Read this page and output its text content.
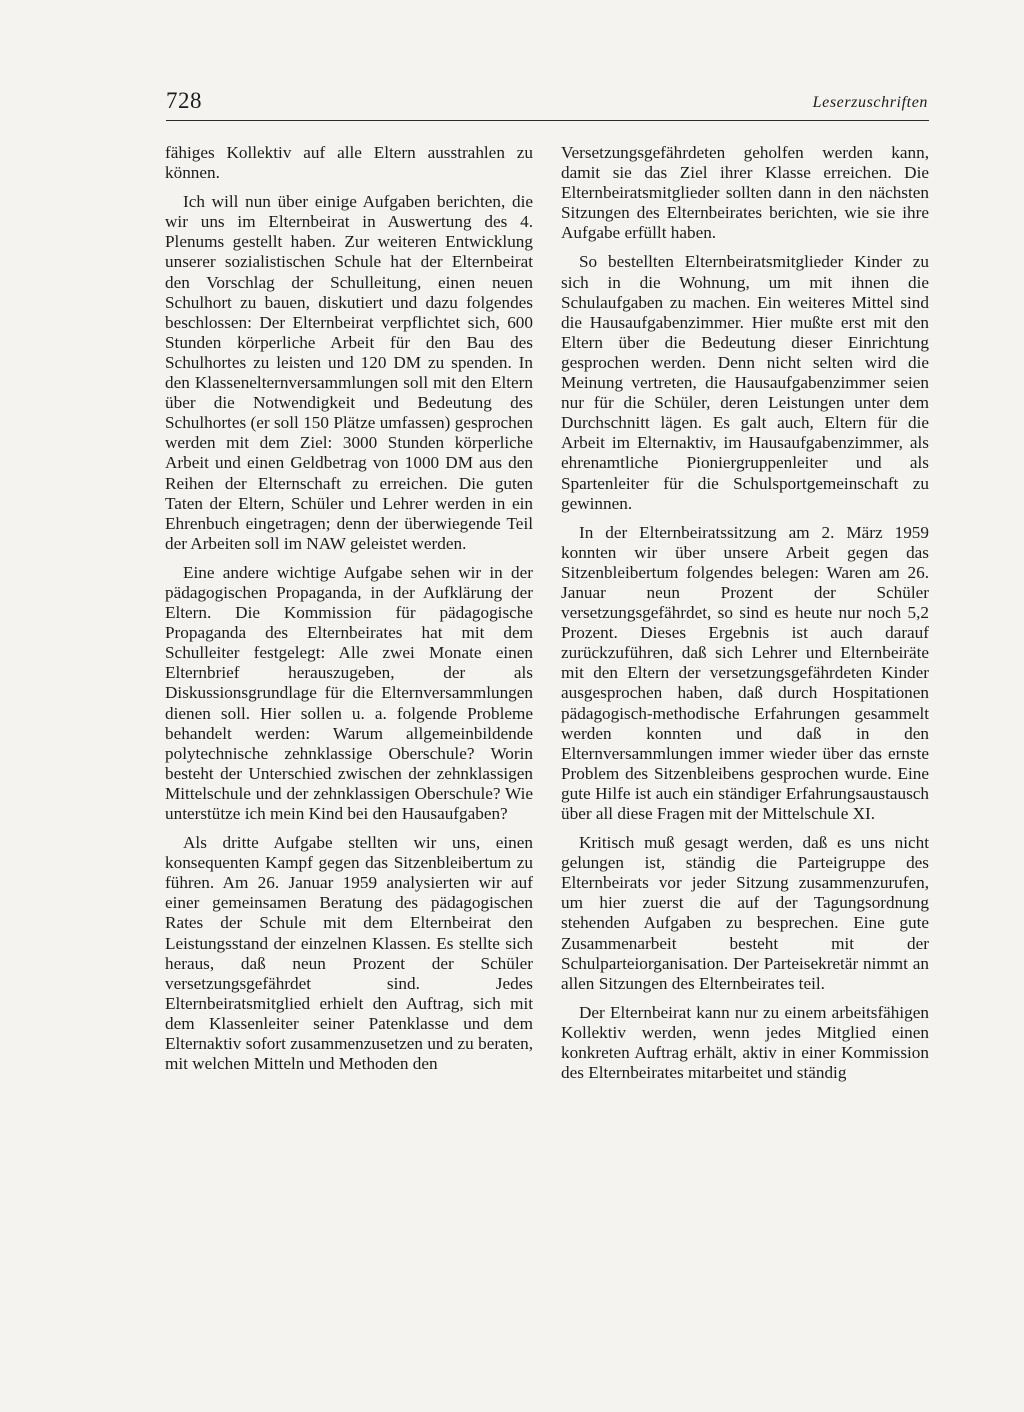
728	Leserzuschriften

fähiges Kollektiv auf alle Eltern ausstrahlen zu können.

Ich will nun über einige Aufgaben berichten, die wir uns im Elternbeirat in Auswertung des 4. Plenums gestellt haben. Zur weiteren Entwicklung unserer sozialistischen Schule hat der Elternbeirat den Vorschlag der Schulleitung, einen neuen Schulhort zu bauen, diskutiert und dazu folgendes beschlossen: Der Elternbeirat verpflichtet sich, 600 Stunden körperliche Arbeit für den Bau des Schulhortes zu leisten und 120 DM zu spenden. In den Klassenelternversammlungen soll mit den Eltern über die Notwendigkeit und Bedeutung des Schulhortes (er soll 150 Plätze umfassen) gesprochen werden mit dem Ziel: 3000 Stunden körperliche Arbeit und einen Geldbetrag von 1000 DM aus den Reihen der Elternschaft zu erreichen. Die guten Taten der Eltern, Schüler und Lehrer werden in ein Ehrenbuch eingetragen; denn der überwiegende Teil der Arbeiten soll im NAW geleistet werden.

Eine andere wichtige Aufgabe sehen wir in der pädagogischen Propaganda, in der Aufklärung der Eltern. Die Kommission für pädagogische Propaganda des Elternbeirates hat mit dem Schulleiter festgelegt: Alle zwei Monate einen Elternbrief herauszugeben, der als Diskussionsgrundlage für die Elternversammlungen dienen soll. Hier sollen u. a. folgende Probleme behandelt werden: Warum allgemeinbildende polytechnische zehnklassige Oberschule? Worin besteht der Unterschied zwischen der zehnklassigen Mittelschule und der zehnklassigen Oberschule? Wie unterstütze ich mein Kind bei den Hausaufgaben?

Als dritte Aufgabe stellten wir uns, einen konsequenten Kampf gegen das Sitzenbleibertum zu führen. Am 26. Januar 1959 analysierten wir auf einer gemeinsamen Beratung des pädagogischen Rates der Schule mit dem Elternbeirat den Leistungsstand der einzelnen Klassen. Es stellte sich heraus, daß neun Prozent der Schüler versetzungsgefährdet sind. Jedes Elternbeiratsmitglied erhielt den Auftrag, sich mit dem Klassenleiter seiner Patenklasse und dem Elternaktiv sofort zusammenzusetzen und zu beraten, mit welchen Mitteln und Methoden den

Versetzungsgefährdeten geholfen werden kann, damit sie das Ziel ihrer Klasse erreichen. Die Elternbeiratsmitglieder sollten dann in den nächsten Sitzungen des Elternbeirates berichten, wie sie ihre Aufgabe erfüllt haben.

So bestellten Elternbeiratsmitglieder Kinder zu sich in die Wohnung, um mit ihnen die Schulaufgaben zu machen. Ein weiteres Mittel sind die Hausaufgabenzimmer. Hier mußte erst mit den Eltern über die Bedeutung dieser Einrichtung gesprochen werden. Denn nicht selten wird die Meinung vertreten, die Hausaufgabenzimmer seien nur für die Schüler, deren Leistungen unter dem Durchschnitt lägen. Es galt auch, Eltern für die Arbeit im Elternaktiv, im Hausaufgabenzimmer, als ehrenamtliche Pioniergruppenleiter und als Spartenleiter für die Schulsportgemeinschaft zu gewinnen.

In der Elternbeiratssitzung am 2. März 1959 konnten wir über unsere Arbeit gegen das Sitzenbleibertum folgendes belegen: Waren am 26. Januar neun Prozent der Schüler versetzungsgefährdet, so sind es heute nur noch 5,2 Prozent. Dieses Ergebnis ist auch darauf zurückzuführen, daß sich Lehrer und Elternbeiräte mit den Eltern der versetzungsgefährdeten Kinder ausgesprochen haben, daß durch Hospitationen pädagogisch-methodische Erfahrungen gesammelt werden konnten und daß in den Elternversammlungen immer wieder über das ernste Problem des Sitzenbleibens gesprochen wurde. Eine gute Hilfe ist auch ein ständiger Erfahrungsaustausch über all diese Fragen mit der Mittelschule XI.

Kritisch muß gesagt werden, daß es uns nicht gelungen ist, ständig die Parteigruppe des Elternbeirats vor jeder Sitzung zusammenzurufen, um hier zuerst die auf der Tagungsordnung stehenden Aufgaben zu besprechen. Eine gute Zusammenarbeit besteht mit der Schulparteiorganisation. Der Parteisekretär nimmt an allen Sitzungen des Elternbeirates teil.

Der Elternbeirat kann nur zu einem arbeitsfähigen Kollektiv werden, wenn jedes Mitglied einen konkreten Auftrag erhält, aktiv in einer Kommission des Elternbeirates mitarbeitet und ständig
